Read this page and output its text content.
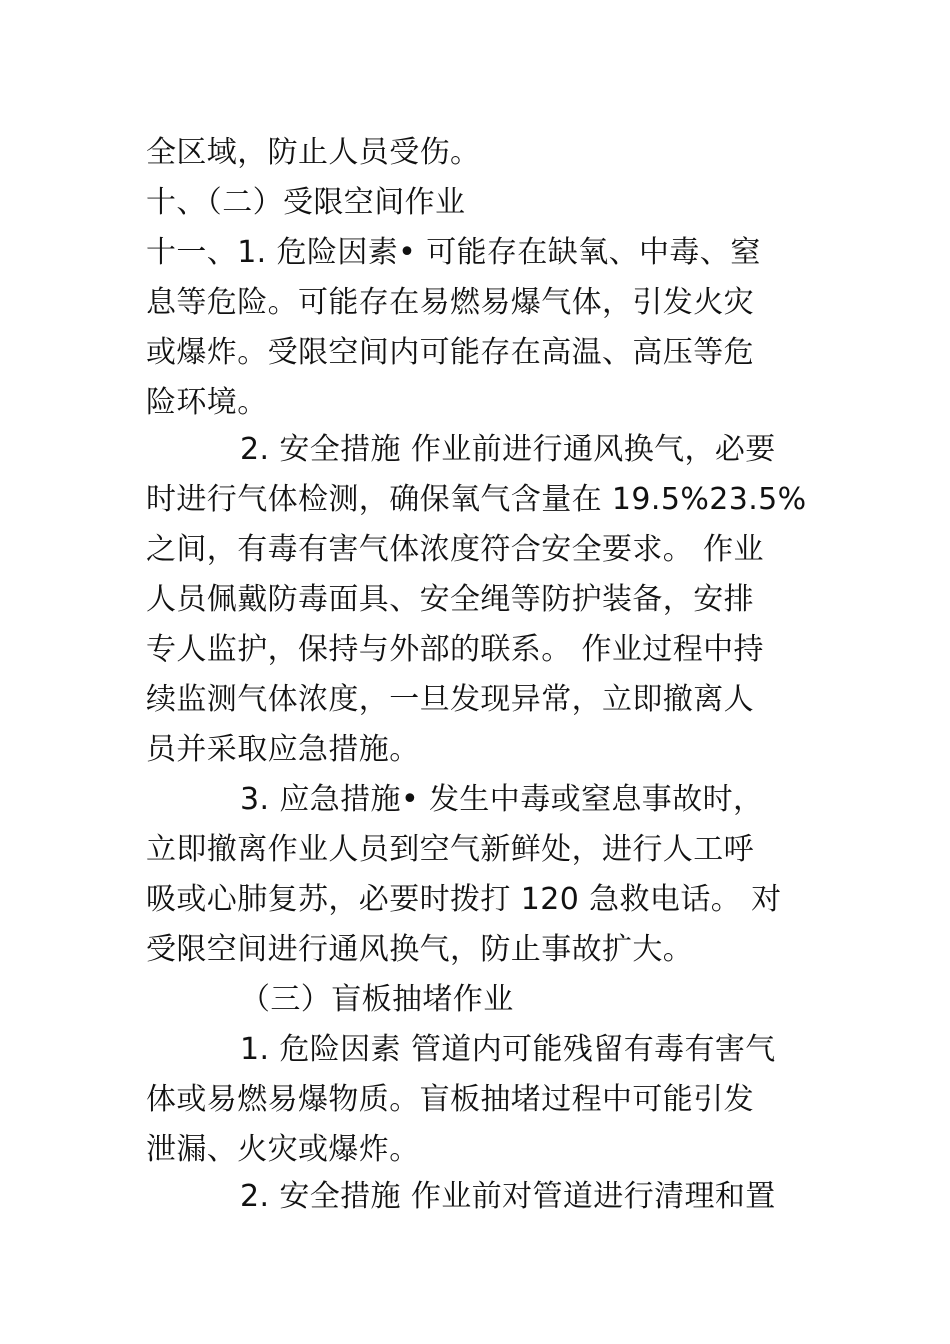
全区域，防止人员受伤。
十、（二）受限空间作业
十一、1. 危险因素• 可能存在缺氧、中毒、窒
息等危险。可能存在易燃易爆气体，引发火灾
或爆炸。受限空间内可能存在高温、高压等危
险环境。
2. 安全措施 作业前进行通风换气，必要
时进行气体检测，确保氧气含量在 19.5%23.5%
之间，有毒有害气体浓度符合安全要求。 作业
人员佩戴防毒面具、安全绳等防护装备，安排
专人监护，保持与外部的联系。 作业过程中持
续监测气体浓度，一旦发现异常，立即撤离人
员并采取应急措施。
3. 应急措施• 发生中毒或窒息事故时，
立即撤离作业人员到空气新鲜处，进行人工呼
吸或心肺复苏，必要时拨打 120 急救电话。 对
受限空间进行通风换气，防止事故扩大。
（三）盲板抽堵作业
1. 危险因素 管道内可能残留有毒有害气
体或易燃易爆物质。盲板抽堵过程中可能引发
泄漏、火灾或爆炸。
2. 安全措施 作业前对管道进行清理和置
